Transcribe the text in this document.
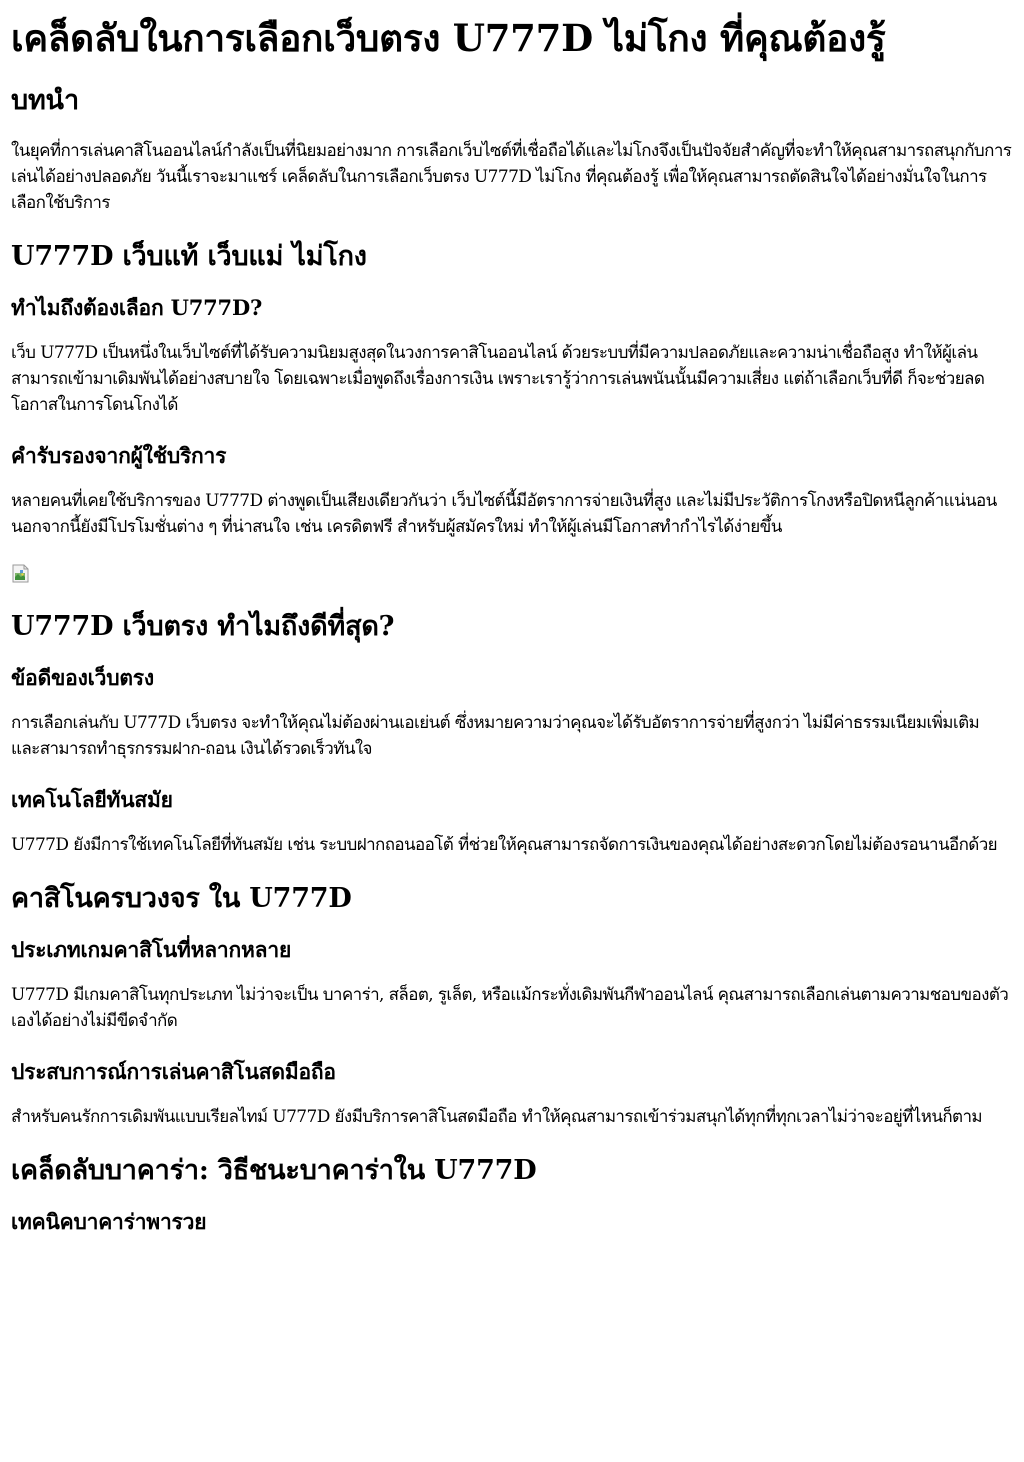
เคล็ดลับในการเลือกเว็บตรง U777D ไม่โกง ที่คุณต้องรู้
บทนำ

ในยุคที่การเล่นคาสิโนออนไลน์กำลังเป็นที่นิยมอย่างมาก การเลือกเว็บไซต์ที่เชื่อถือได้และไม่โกงจึงเป็นปัจจัยสำคัญที่จะทำให้คุณสามารถสนุกกับการเล่นได้อย่างปลอดภัย วันนี้เราจะมาแชร์ เคล็ดลับในการเลือกเว็บตรง U777D ไม่โกง ที่คุณต้องรู้ เพื่อให้คุณสามารถตัดสินใจได้อย่างมั่นใจในการเลือกใช้บริการ

U777D เว็บแท้ เว็บแม่ ไม่โกง
ทำไมถึงต้องเลือก U777D?

เว็บ U777D เป็นหนึ่งในเว็บไซต์ที่ได้รับความนิยมสูงสุดในวงการคาสิโนออนไลน์ ด้วยระบบที่มีความปลอดภัยและความน่าเชื่อถือสูง ทำให้ผู้เล่นสามารถเข้ามาเดิมพันได้อย่างสบายใจ โดยเฉพาะเมื่อพูดถึงเรื่องการเงิน เพราะเรารู้ว่าการเล่นพนันนั้นมีความเสี่ยง แต่ถ้าเลือกเว็บที่ดี ก็จะช่วยลดโอกาสในการโดนโกงได้

คำรับรองจากผู้ใช้บริการ

หลายคนที่เคยใช้บริการของ U777D ต่างพูดเป็นเสียงเดียวกันว่า เว็บไซต์นี้มีอัตราการจ่ายเงินที่สูง และไม่มีประวัติการโกงหรือปิดหนีลูกค้าแน่นอน นอกจากนี้ยังมีโปรโมชั่นต่าง ๆ ที่น่าสนใจ เช่น เครดิตฟรี สำหรับผู้สมัครใหม่ ทำให้ผู้เล่นมีโอกาสทำกำไรได้ง่ายขึ้น

U777D เว็บตรง ทำไมถึงดีที่สุด?
ข้อดีของเว็บตรง

การเลือกเล่นกับ U777D เว็บตรง จะทำให้คุณไม่ต้องผ่านเอเย่นต์ ซึ่งหมายความว่าคุณจะได้รับอัตราการจ่ายที่สูงกว่า ไม่มีค่าธรรมเนียมเพิ่มเติม และสามารถทำธุรกรรมฝาก-ถอน เงินได้รวดเร็วทันใจ

เทคโนโลยีทันสมัย

U777D ยังมีการใช้เทคโนโลยีที่ทันสมัย เช่น ระบบฝากถอนออโต้ ที่ช่วยให้คุณสามารถจัดการเงินของคุณได้อย่างสะดวกโดยไม่ต้องรอนานอีกด้วย

คาสิโนครบวงจร ใน U777D
ประเภทเกมคาสิโนที่หลากหลาย

U777D มีเกมคาสิโนทุกประเภท ไม่ว่าจะเป็น บาคาร่า, สล็อต, รูเล็ต, หรือแม้กระทั่งเดิมพันกีฬาออนไลน์ คุณสามารถเลือกเล่นตามความชอบของตัวเองได้อย่างไม่มีขีดจำกัด

ประสบการณ์การเล่นคาสิโนสดมือถือ

สำหรับคนรักการเดิมพันแบบเรียลไทม์ U777D ยังมีบริการคาสิโนสดมือถือ ทำให้คุณสามารถเข้าร่วมสนุกได้ทุกที่ทุกเวลาไม่ว่าจะอยู่ที่ไหนก็ตาม

เคล็ดลับบาคาร่า: วิธีชนะบาคาร่าใน U777D
เทคนิคบาคาร่าพารวย
